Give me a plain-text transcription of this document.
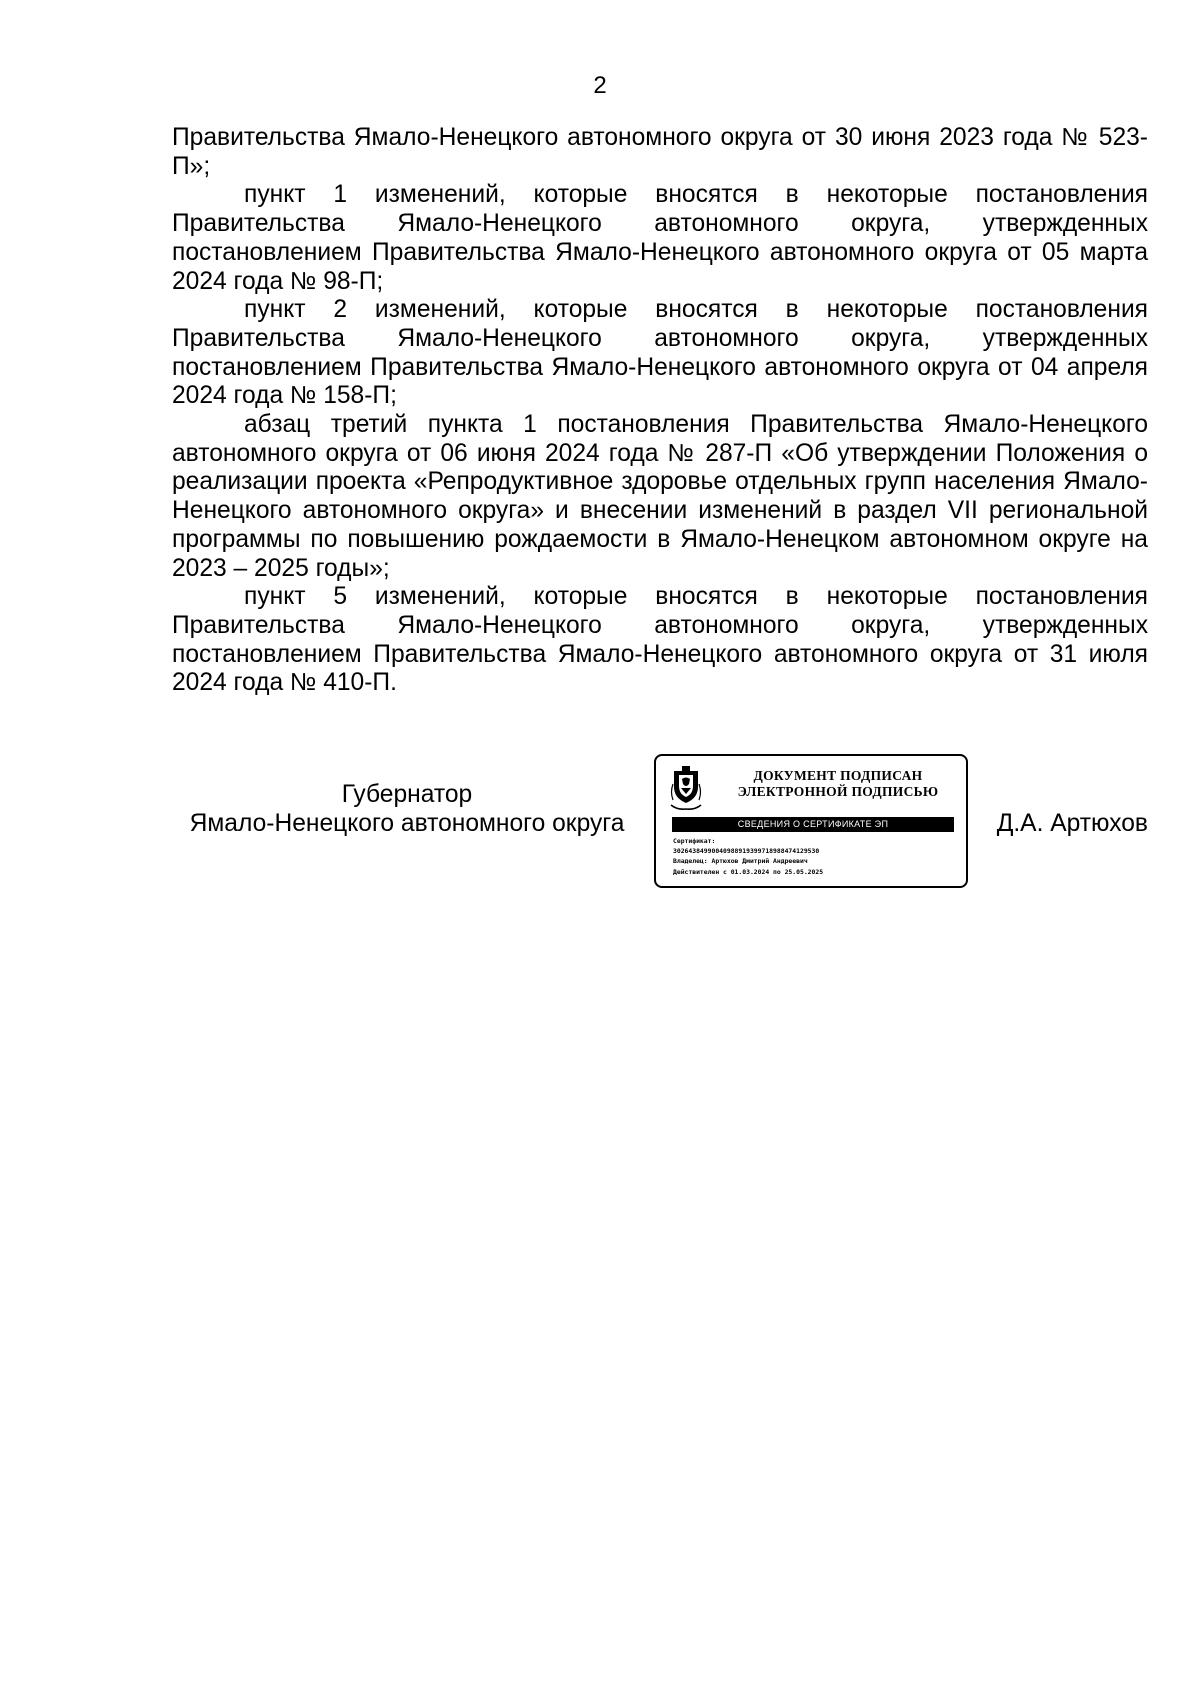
2

Правительства Ямало-Ненецкого автономного округа от 30 июня 2023 года № 523-П»;

пункт 1 изменений, которые вносятся в некоторые постановления Правительства Ямало-Ненецкого автономного округа, утвержденных постановлением Правительства Ямало-Ненецкого автономного округа от 05 марта 2024 года № 98-П;

пункт 2 изменений, которые вносятся в некоторые постановления Правительства Ямало-Ненецкого автономного округа, утвержденных постановлением Правительства Ямало-Ненецкого автономного округа от 04 апреля 2024 года № 158-П;

абзац третий пункта 1 постановления Правительства Ямало-Ненецкого автономного округа от 06 июня 2024 года № 287-П «Об утверждении Положения о реализации проекта «Репродуктивное здоровье отдельных групп населения Ямало-Ненецкого автономного округа» и внесении изменений в раздел VII региональной программы по повышению рождаемости в Ямало-Ненецком автономном округе на 2023 – 2025 годы»;

пункт 5 изменений, которые вносятся в некоторые постановления Правительства Ямало-Ненецкого автономного округа, утвержденных постановлением Правительства Ямало-Ненецкого автономного округа от 31 июля 2024 года № 410-П.

Губернатор
Ямало-Ненецкого автономного округа
ДОКУМЕНТ ПОДПИСАН
ЭЛЕКТРОННОЙ ПОДПИСЬЮ
СВЕДЕНИЯ О СЕРТИФИКАТЕ ЭП
Сертификат:
302643849900409889193997189884741295​30
Владелец: Артюхов Дмитрий Андреевич
Действителен с 01.03.2024 по 25.05.2025
Д.А. Артюхов
